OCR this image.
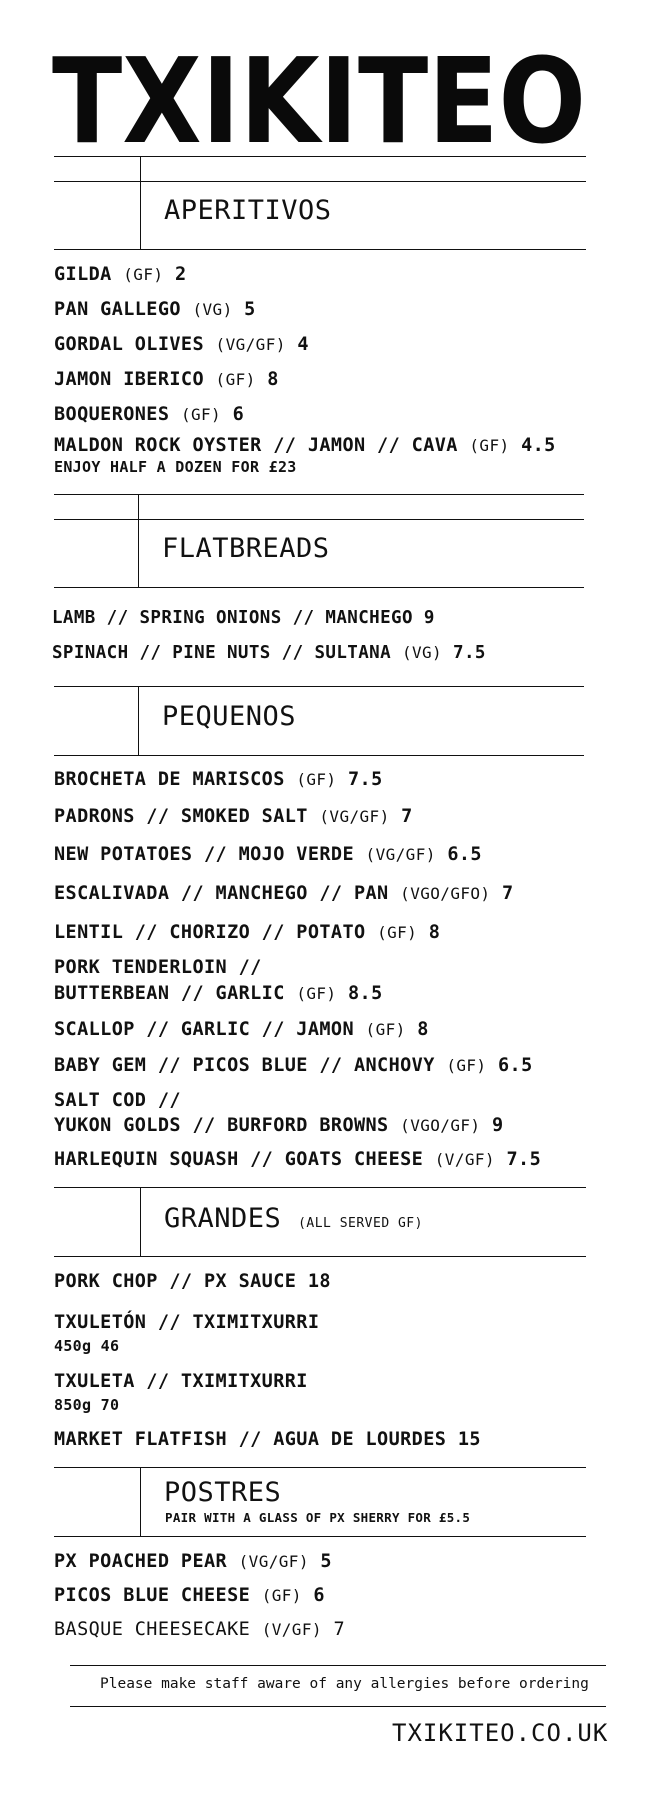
TXIKITEO
APERITIVOS
GILDA (GF) 2
PAN GALLEGO (VG) 5
GORDAL OLIVES (VG/GF) 4
JAMON IBERICO (GF) 8
BOQUERONES (GF) 6
MALDON ROCK OYSTER // JAMON // CAVA (GF) 4.5
ENJOY HALF A DOZEN FOR £23
FLATBREADS
LAMB // SPRING ONIONS // MANCHEGO 9
SPINACH // PINE NUTS // SULTANA (VG) 7.5
PEQUENOS
BROCHETA DE MARISCOS (GF) 7.5
PADRONS // SMOKED SALT (VG/GF) 7
NEW POTATOES // MOJO VERDE (VG/GF) 6.5
ESCALIVADA // MANCHEGO // PAN (VGO/GFO) 7
LENTIL // CHORIZO // POTATO (GF) 8
PORK TENDERLOIN //
BUTTERBEAN // GARLIC (GF) 8.5
SCALLOP // GARLIC // JAMON (GF) 8
BABY GEM // PICOS BLUE // ANCHOVY (GF) 6.5
SALT COD //
YUKON GOLDS // BURFORD BROWNS (VGO/GF) 9
HARLEQUIN SQUASH // GOATS CHEESE (V/GF) 7.5
GRANDES (ALL SERVED GF)
PORK CHOP // PX SAUCE 18
TXULETÓN // TXIMITXURRI
450g 46
TXULETA // TXIMITXURRI
850g 70
MARKET FLATFISH // AGUA DE LOURDES 15
POSTRES
PAIR WITH A GLASS OF PX SHERRY FOR £5.5
PX POACHED PEAR (VG/GF) 5
PICOS BLUE CHEESE (GF) 6
BASQUE CHEESECAKE (V/GF) 7
Please make staff aware of any allergies before ordering
TXIKITEO.CO.UK
